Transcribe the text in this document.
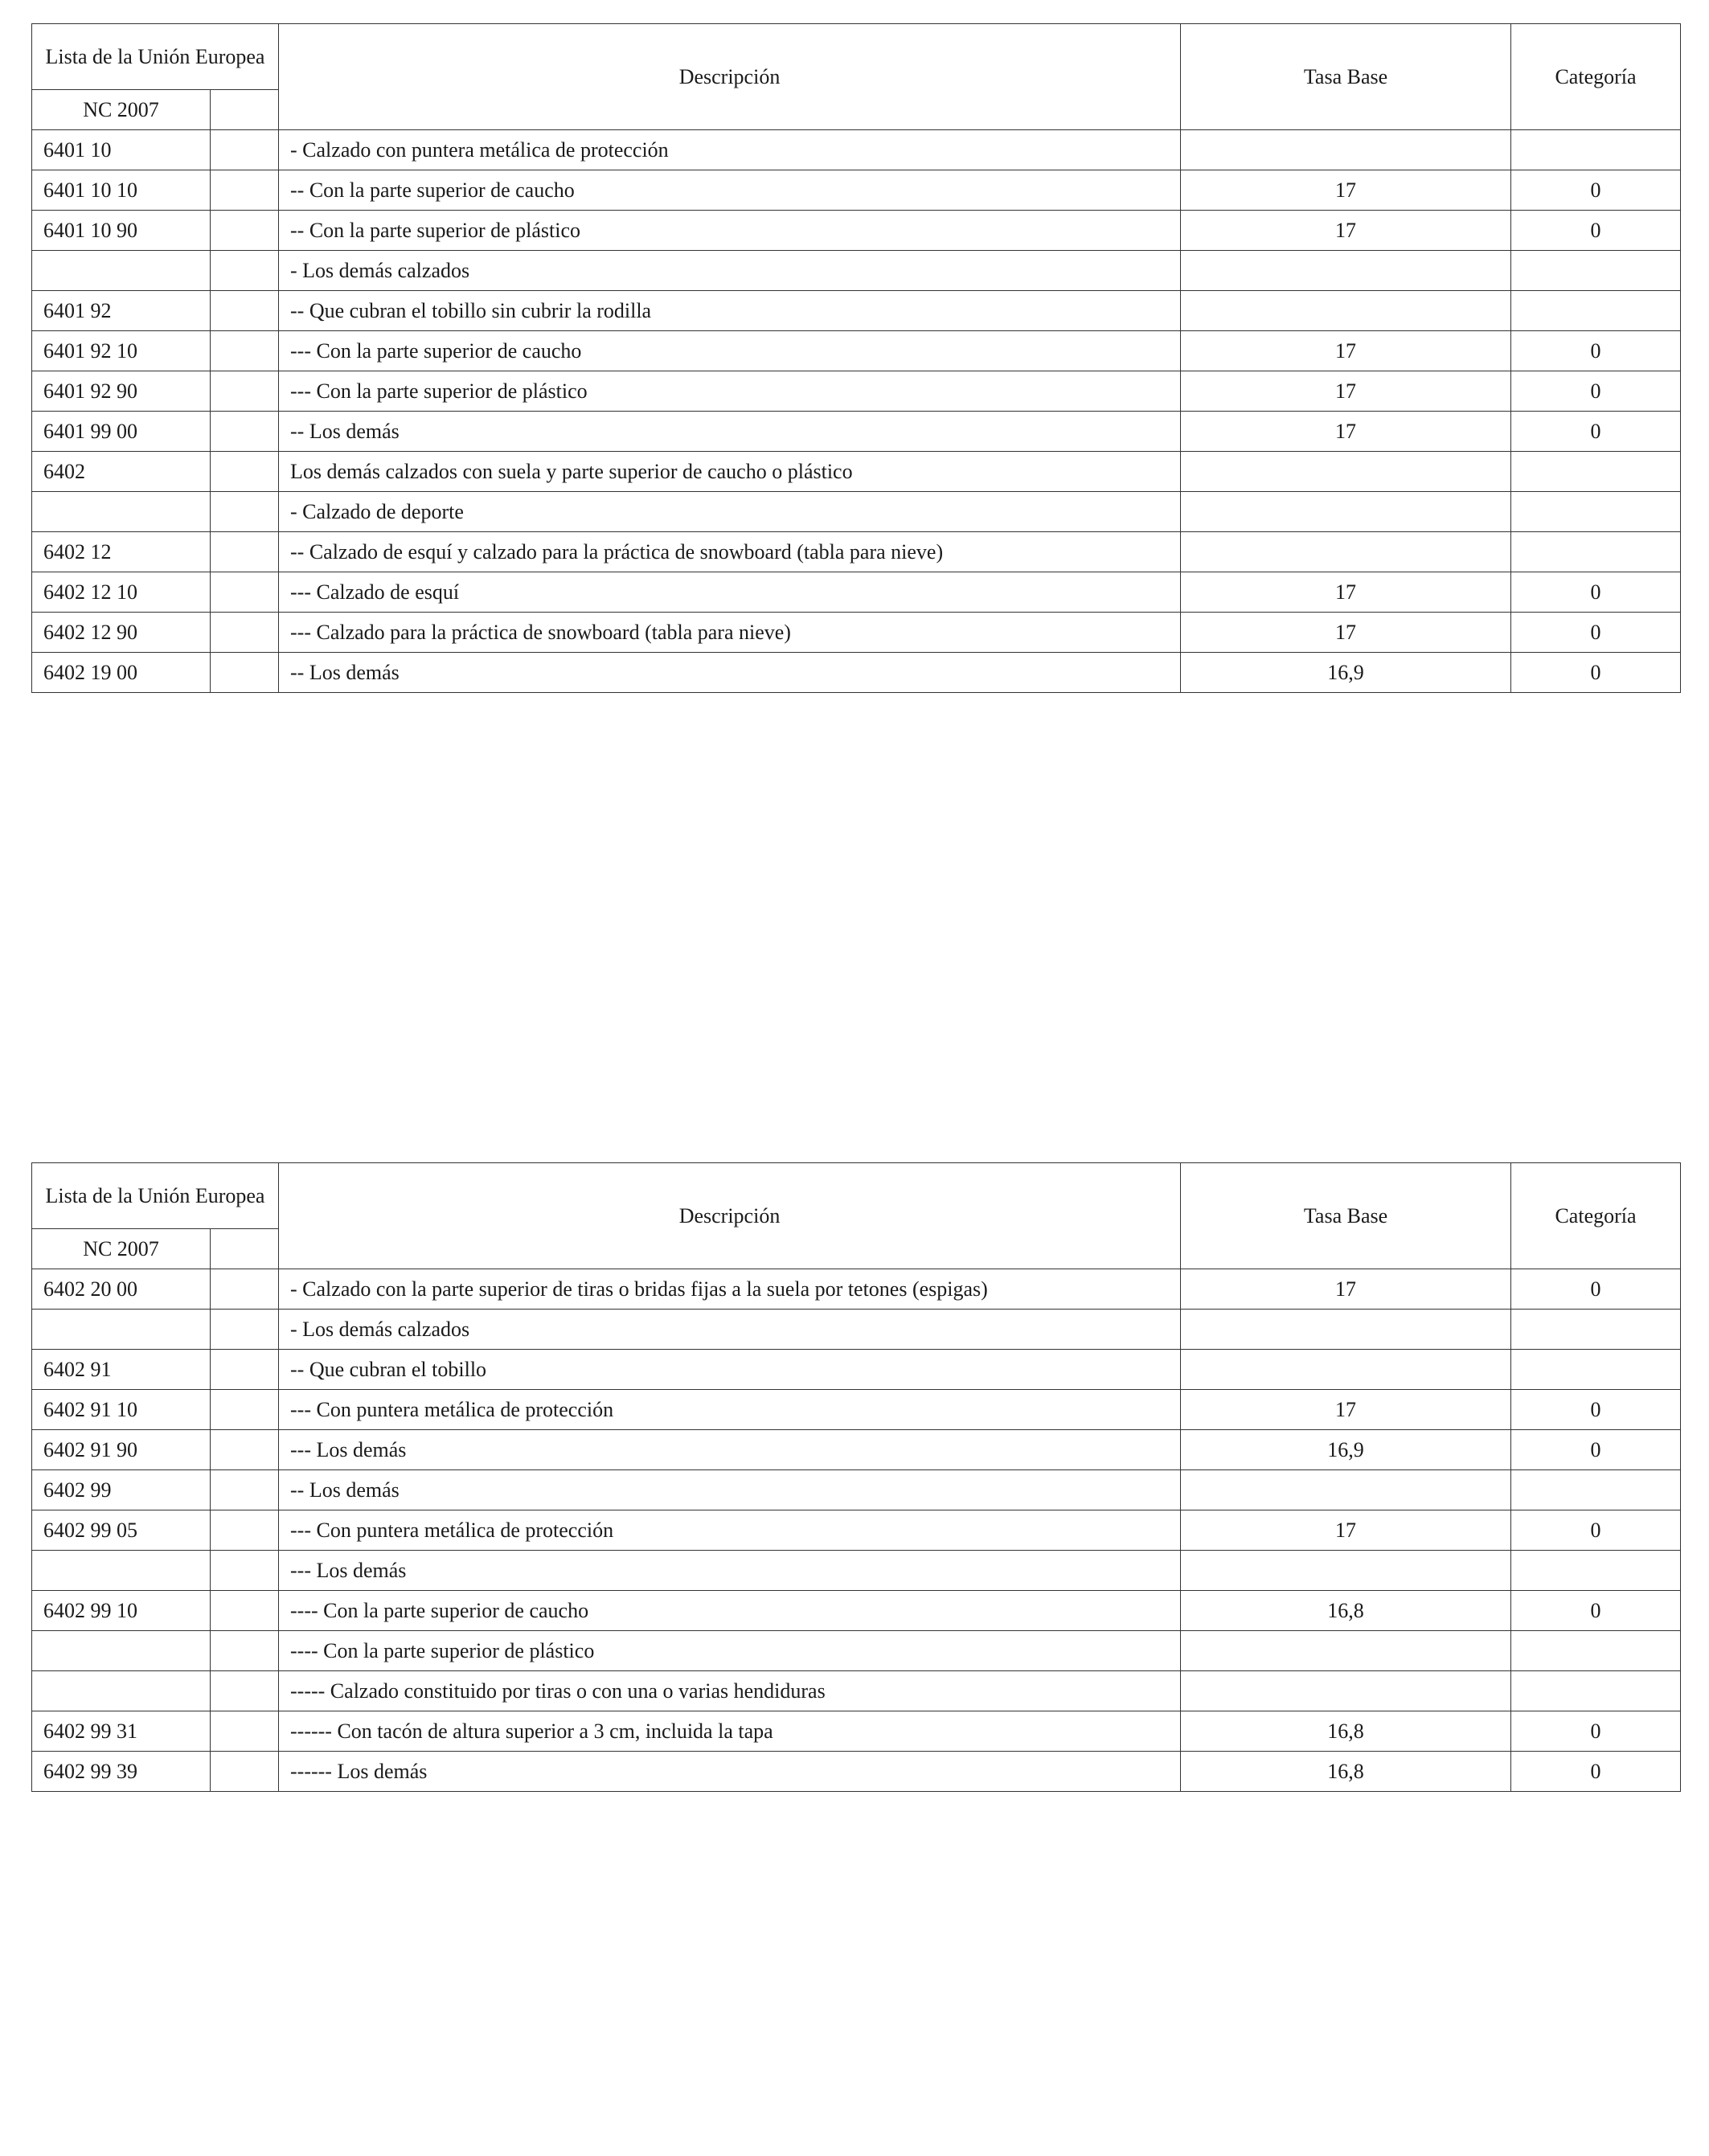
Lista de la Unión Europea		Descripción	Tasa Base	Categoría
NC 2007				
6401 10		- Calzado con puntera metálica de protección		
6401 10 10		-- Con la parte superior de caucho	17	0
6401 10 90		-- Con la parte superior de plástico	17	0
		- Los demás calzados		
6401 92		-- Que cubran el tobillo sin cubrir la rodilla		
6401 92 10		--- Con la parte superior de caucho	17	0
6401 92 90		--- Con la parte superior de plástico	17	0
6401 99 00		-- Los demás	17	0
6402		Los demás calzados con suela y parte superior de caucho o plástico		
		- Calzado de deporte		
6402 12		-- Calzado de esquí y calzado para la práctica de snowboard (tabla para nieve)		
6402 12 10		--- Calzado de esquí	17	0
6402 12 90		--- Calzado para la práctica de snowboard (tabla para nieve)	17	0
6402 19 00		-- Los demás	16,9	0
Lista de la Unión Europea		Descripción	Tasa Base	Categoría
NC 2007				
6402 20 00		- Calzado con la parte superior de tiras o bridas fijas a la suela por tetones (espigas)	17	0
		- Los demás calzados		
6402 91		-- Que cubran el tobillo		
6402 91 10		--- Con puntera metálica de protección	17	0
6402 91 90		--- Los demás	16,9	0
6402 99		-- Los demás		
6402 99 05		--- Con puntera metálica de protección	17	0
		--- Los demás		
6402 99 10		---- Con la parte superior de caucho	16,8	0
		---- Con la parte superior de plástico		
		----- Calzado constituido por tiras o con una o varias hendiduras		
6402 99 31		------ Con tacón de altura superior a 3 cm, incluida la tapa	16,8	0
6402 99 39		------ Los demás	16,8	0
